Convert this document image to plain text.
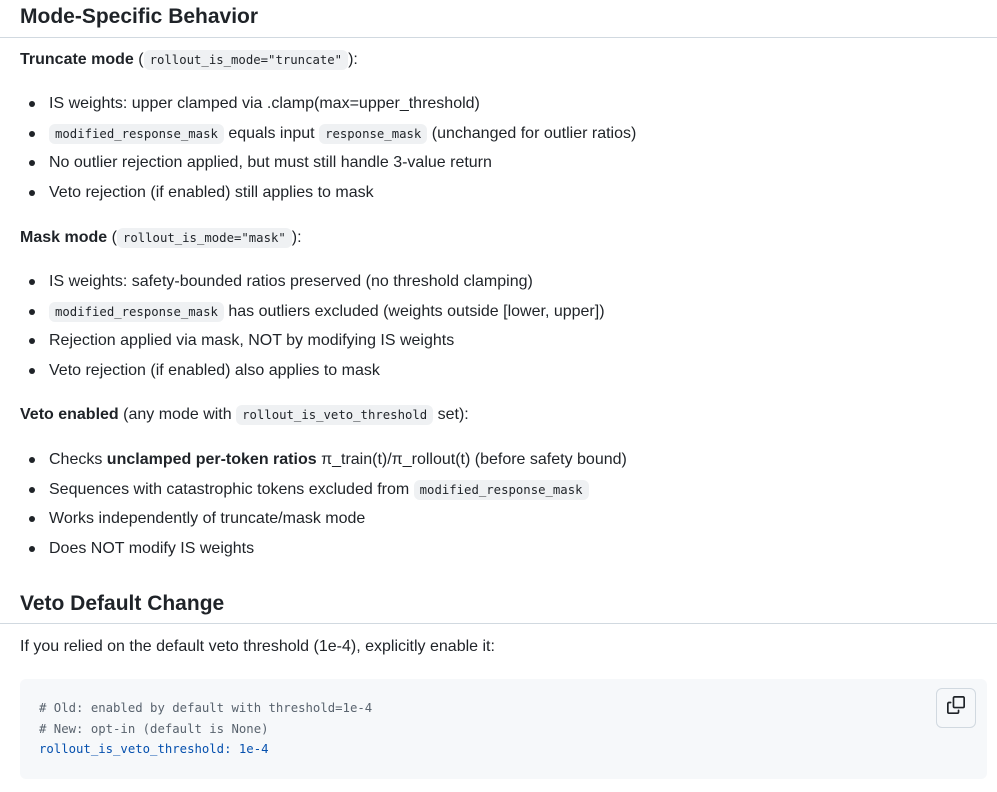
Mode-Specific Behavior

Truncate mode ( rollout_is_mode="truncate" ):

IS weights: upper clamped via .clamp(max=upper_threshold)
modified_response_mask equals input response_mask (unchanged for outlier ratios)
No outlier rejection applied, but must still handle 3-value return
Veto rejection (if enabled) still applies to mask

Mask mode ( rollout_is_mode="mask" ):

IS weights: safety-bounded ratios preserved (no threshold clamping)
modified_response_mask has outliers excluded (weights outside [lower, upper])
Rejection applied via mask, NOT by modifying IS weights
Veto rejection (if enabled) also applies to mask

Veto enabled (any mode with rollout_is_veto_threshold set):

Checks unclamped per-token ratios π_train(t)/π_rollout(t) (before safety bound)
Sequences with catastrophic tokens excluded from modified_response_mask
Works independently of truncate/mask mode
Does NOT modify IS weights
Veto Default Change

If you relied on the default veto threshold (1e-4), explicitly enable it:

# Old: enabled by default with threshold=1e-4
# New: opt-in (default is None)
rollout_is_veto_threshold: 1e-4
